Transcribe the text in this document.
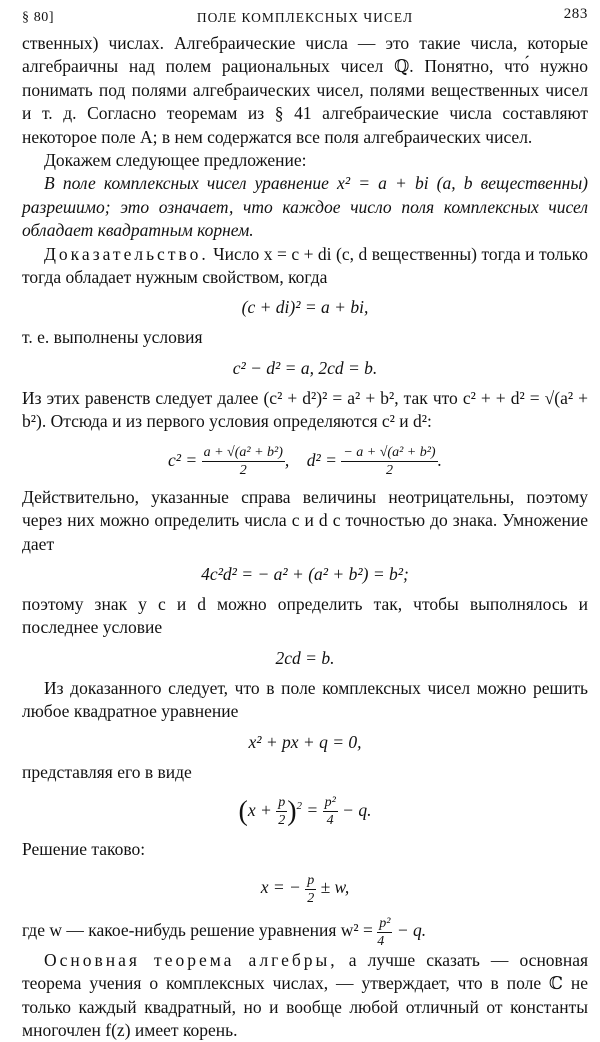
§ 80]	ПОЛЕ КОМПЛЕКСНЫХ ЧИСЕЛ	283

ственных) числах. Алгебраические числа — это такие числа, которые алгебраичны над полем рациональных чисел ℚ. Понятно, что́ нужно понимать под полями алгебраических чисел, полями вещественных чисел и т. д. Согласно теоремам из § 41 алгебраические числа составляют некоторое поле A; в нем содержатся все поля алгебраических чисел.

Докажем следующее предложение:

В поле комплексных чисел уравнение x² = a + bi (a, b вещественны) разрешимо; это означает, что каждое число поля комплексных чисел обладает квадратным корнем.

Доказательство. Число x = c + di (c, d вещественны) тогда и только тогда обладает нужным свойством, когда

(c + di)² = a + bi,

т. е. выполнены условия

c² − d² = a, 2cd = b.

Из этих равенств следует далее (c² + d²)² = a² + b², так что c² + + d² = √(a² + b²). Отсюда и из первого условия определяются c² и d²:

$c^2 = \frac{\text{a + √(a² + b²)}}{2}$ , $d^2 = \frac{\text{− a + √(a² + b²)}}{2}$ .

Действительно, указанные справа величины неотрицательны, поэтому через них можно определить числа c и d с точностью до знака. Умножение дает

4c²d² = − a² + (a² + b²) = b²;

поэтому знак у c и d можно определить так, чтобы выполнялось и последнее условие

2cd = b.

Из доказанного следует, что в поле комплексных чисел можно решить любое квадратное уравнение

x² + px + q = 0,

представляя его в виде

$(x + \frac{p}{2} )^2 = \frac{\text{p²}}{4} - q$.

Решение таково:

x = − $\frac{p}{2} \pm w$,

где w — какое-нибудь решение уравнения $w^2 = \frac{\text{p²}}{4} - q$.

Основная теорема алгебры, а лучше сказать — основная теорема учения о комплексных числах, — утверждает, что в поле ℂ не только каждый квадратный, но и вообще любой отличный от константы многочлен f(z) имеет корень.
